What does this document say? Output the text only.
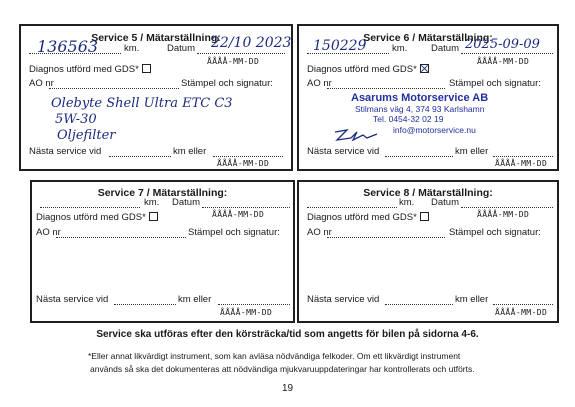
Service 5 / Mätarställning:
136563	km.	Datum 22/10 2023
ÅÅÅÅ-MM-DD
Diagnos utförd med GDS*
AO nr	Stämpel och signatur:
Olebyte Shell Ultra ETC C3
5W-30
Oljefilter
Nästa service vid	km eller
ÅÅÅÅ-MM-DD
Service 6 / Mätarställning:
150229	km. Datum 2025-09-09
ÅÅÅÅ-MM-DD
Diagnos utförd med GDS*
AO nr	Stämpel och signatur:
Asarums Motorservice AB
Stilmans väg 4, 374 93 Karlshamn
Tel. 0454-32 02 19
info@motorservice.nu
Nästa service vid	km eller
ÅÅÅÅ-MM-DD
Service 7 / Mätarställning:
km. Datum
ÅÅÅÅ-MM-DD
Diagnos utförd med GDS*
AO nr	Stämpel och signatur:
Nästa service vid	km eller
ÅÅÅÅ-MM-DD
Service 8 / Mätarställning:
km. Datum
ÅÅÅÅ-MM-DD
Diagnos utförd med GDS*
AO nr	Stämpel och signatur:
Nästa service vid	km eller
ÅÅÅÅ-MM-DD
Service ska utföras efter den körsträcka/tid som angetts för bilen på sidorna 4-6.
*Eller annat likvärdigt instrument, som kan avläsa nödvändiga felkoder. Om ett likvärdigt instrument
används så ska det dokumenteras att nödvändiga mjukvaruuppdateringar har kontrollerats och utförts.
19
